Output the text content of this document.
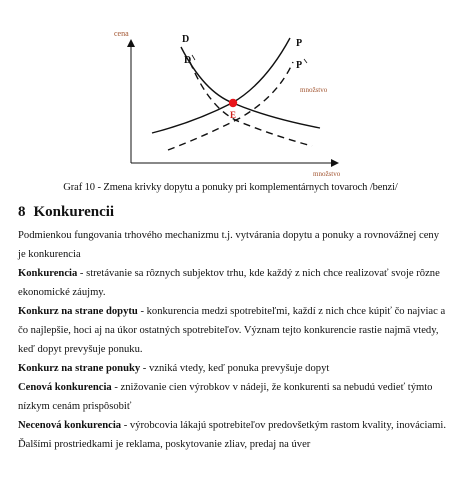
cena
množstvo
množstvo
D
D
P
P
E
Graf 10 - Zmena krivky dopytu a ponuky pri komplementárnych tovaroch /benzi/
8 Konkurencii

Podmienkou fungovania trhového mechanizmu t.j. vytvárania dopytu a ponuky a rovnovážnej ceny je konkurencia

Konkurencia - stretávanie sa rôznych subjektov trhu, kde každý z nich chce realizovať svoje rôzne ekonomické záujmy.

Konkurz na strane dopytu - konkurencia medzi spotrebiteľmi, každí z nich chce kúpiť čo najviac a čo najlepšie, hoci aj na úkor ostatných spotrebiteľov. Význam tejto konkurencie rastie najmä vtedy, keď dopyt prevyšuje ponuku.

Konkurz na strane ponuky - vzniká vtedy, keď ponuka prevyšuje dopyt

Cenová konkurencia - znižovanie cien výrobkov v nádeji, že konkurenti sa nebudú vedieť týmto nízkym cenám prispôsobiť

Necenová konkurencia - výrobcovia lákajú spotrebiteľov predovšetkým rastom kvality, inováciami. Ďalšími prostriedkami je reklama, poskytovanie zliav, predaj na úver
